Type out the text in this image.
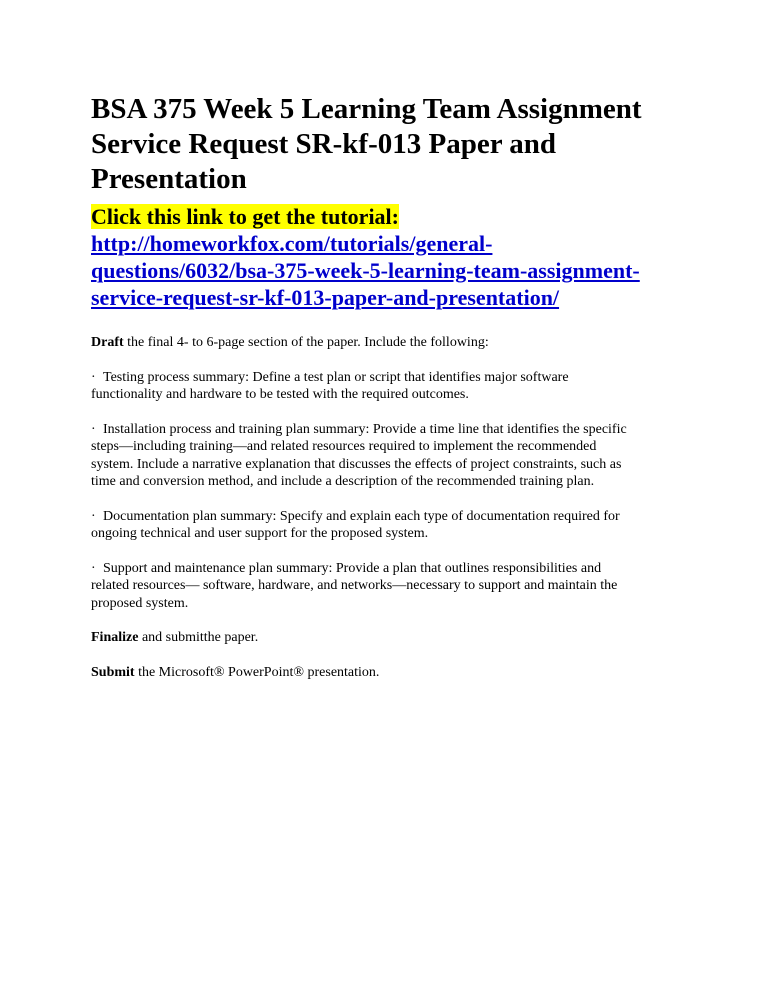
BSA 375 Week 5 Learning Team Assignment
Service Request SR-kf-013 Paper and
Presentation
Click this link to get the tutorial:
http://homeworkfox.com/tutorials/general-
questions/6032/bsa-375-week-5-learning-team-assignment-
service-request-sr-kf-013-paper-and-presentation/

Draft the final 4- to 6-page section of the paper. Include the following:

· Testing process summary: Define a test plan or script that identifies major software
functionality and hardware to be tested with the required outcomes.

· Installation process and training plan summary: Provide a time line that identifies the specific
steps—including training—and related resources required to implement the recommended
system. Include a narrative explanation that discusses the effects of project constraints, such as
time and conversion method, and include a description of the recommended training plan.

· Documentation plan summary: Specify and explain each type of documentation required for
ongoing technical and user support for the proposed system.

· Support and maintenance plan summary: Provide a plan that outlines responsibilities and
related resources— software, hardware, and networks—necessary to support and maintain the
proposed system.

Finalize and submitthe paper.

Submit the Microsoft® PowerPoint® presentation.
